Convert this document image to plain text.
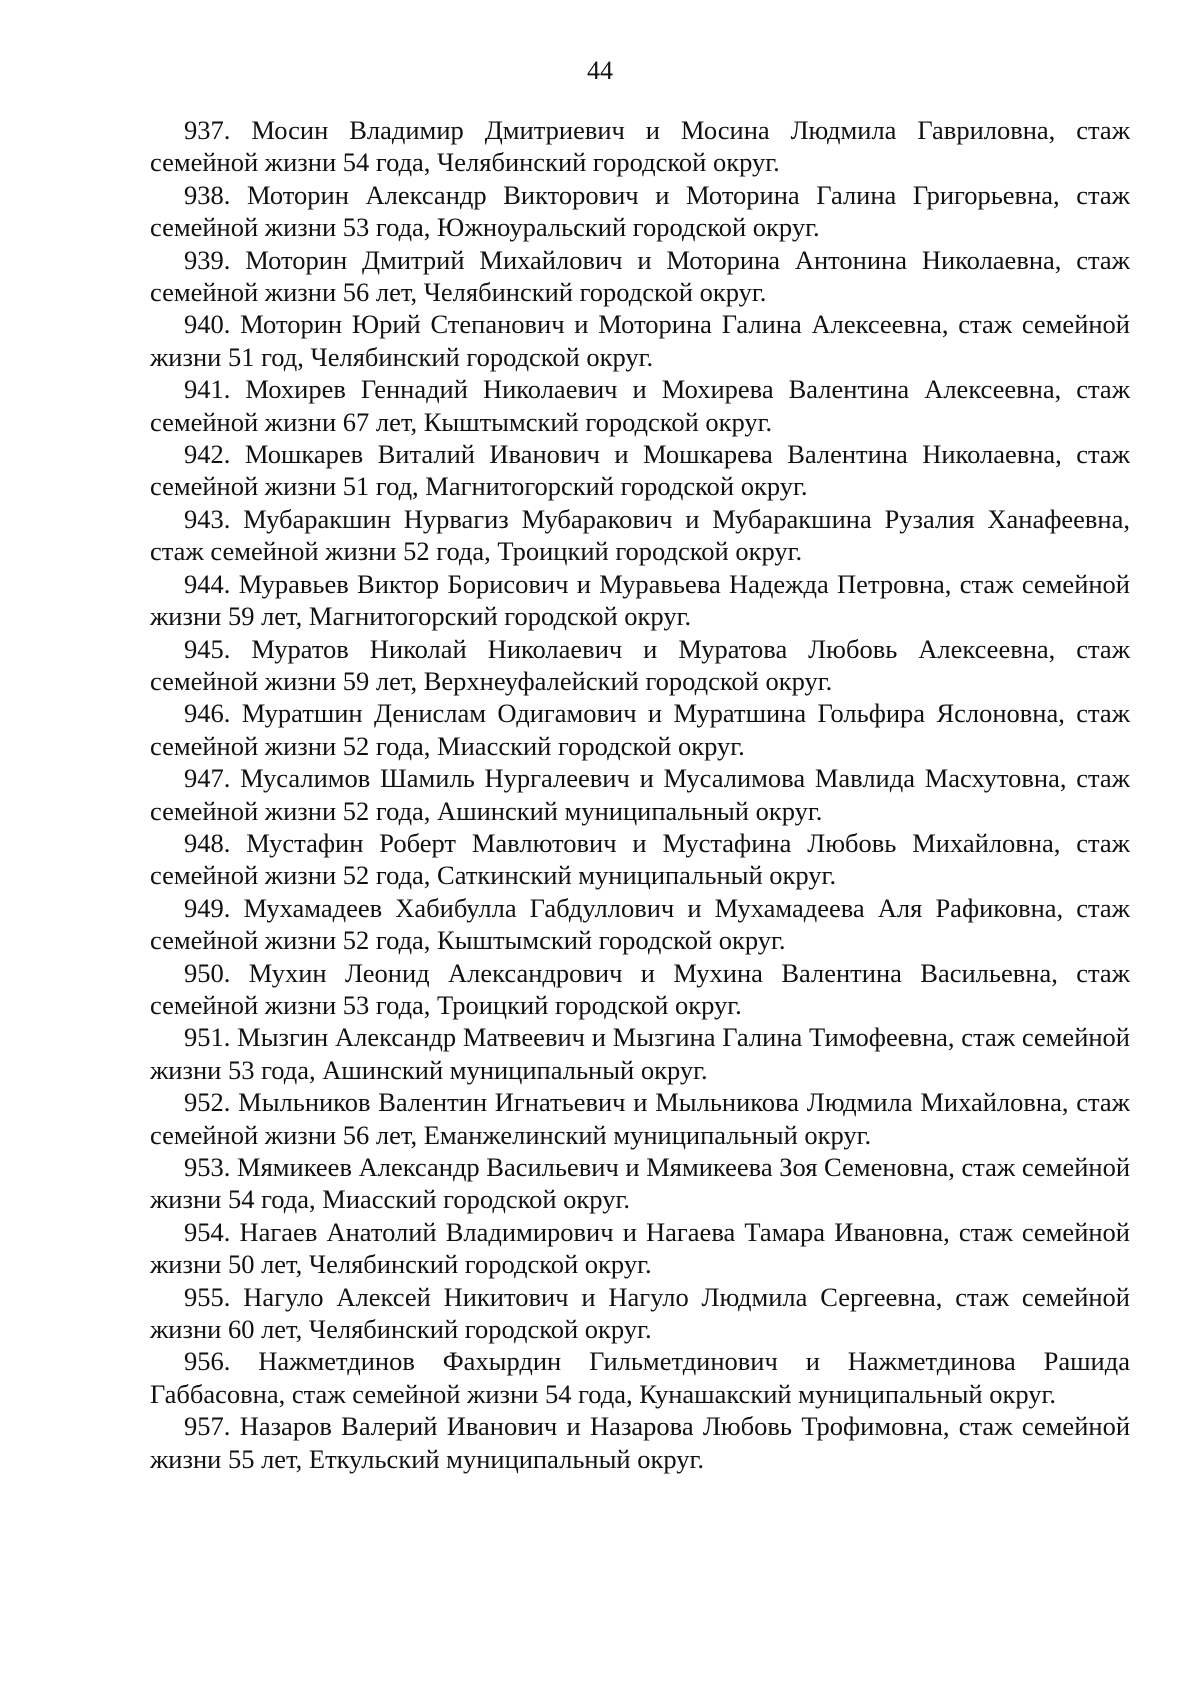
44

937. Мосин Владимир Дмитриевич и Мосина Людмила Гавриловна, стаж семейной жизни 54 года, Челябинский городской округ.

938. Моторин Александр Викторович и Моторина Галина Григорьевна, стаж семейной жизни 53 года, Южноуральский городской округ.

939. Моторин Дмитрий Михайлович и Моторина Антонина Николаевна, стаж семейной жизни 56 лет, Челябинский городской округ.

940. Моторин Юрий Степанович и Моторина Галина Алексеевна, стаж семейной жизни 51 год, Челябинский городской округ.

941. Мохирев Геннадий Николаевич и Мохирева Валентина Алексеевна, стаж семейной жизни 67 лет, Кыштымский городской округ.

942. Мошкарев Виталий Иванович и Мошкарева Валентина Николаевна, стаж семейной жизни 51 год, Магнитогорский городской округ.

943. Мубаракшин Нурвагиз Мубаракович и Мубаракшина Рузалия Ханафеевна, стаж семейной жизни 52 года, Троицкий городской округ.

944. Муравьев Виктор Борисович и Муравьева Надежда Петровна, стаж семейной жизни 59 лет, Магнитогорский городской округ.

945. Муратов Николай Николаевич и Муратова Любовь Алексеевна, стаж семейной жизни 59 лет, Верхнеуфалейский городской округ.

946. Муратшин Денислам Одигамович и Муратшина Гольфира Яслоновна, стаж семейной жизни 52 года, Миасский городской округ.

947. Мусалимов Шамиль Нургалеевич и Мусалимова Мавлида Масхутовна, стаж семейной жизни 52 года, Ашинский муниципальный округ.

948. Мустафин Роберт Мавлютович и Мустафина Любовь Михайловна, стаж семейной жизни 52 года, Саткинский муниципальный округ.

949. Мухамадеев Хабибулла Габдуллович и Мухамадеева Аля Рафиковна, стаж семейной жизни 52 года, Кыштымский городской округ.

950. Мухин Леонид Александрович и Мухина Валентина Васильевна, стаж семейной жизни 53 года, Троицкий городской округ.

951. Мызгин Александр Матвеевич и Мызгина Галина Тимофеевна, стаж семейной жизни 53 года, Ашинский муниципальный округ.

952. Мыльников Валентин Игнатьевич и Мыльникова Людмила Михайловна, стаж семейной жизни 56 лет, Еманжелинский муниципальный округ.

953. Мямикеев Александр Васильевич и Мямикеева Зоя Семеновна, стаж семейной жизни 54 года, Миасский городской округ.

954. Нагаев Анатолий Владимирович и Нагаева Тамара Ивановна, стаж семейной жизни 50 лет, Челябинский городской округ.

955. Нагуло Алексей Никитович и Нагуло Людмила Сергеевна, стаж семейной жизни 60 лет, Челябинский городской округ.

956. Нажметдинов Фахырдин Гильметдинович и Нажметдинова Рашида Габбасовна, стаж семейной жизни 54 года, Кунашакский муниципальный округ.

957. Назаров Валерий Иванович и Назарова Любовь Трофимовна, стаж семейной жизни 55 лет, Еткульский муниципальный округ.
